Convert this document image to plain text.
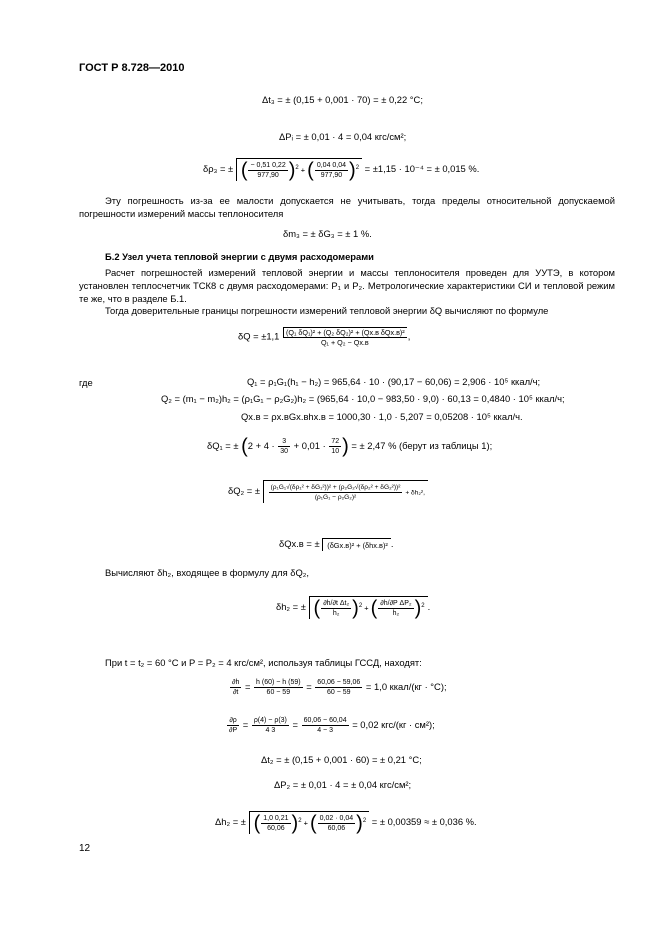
ГОСТ Р 8.728—2010
Δt₃ = ± (0,15 + 0,001 · 70) = ± 0,22 °С;
ΔPᵢ = ± 0,01 · 4 = 0,04 кгс/см²;
δρ₃ = ± ( $\frac{- 0,51 0,22}{977,90} )^2$ + ( $\frac{0,04 0,04}{977,90} )^2 = \pm 1,15 \cdot 10^{-4}$ = ± 0,015 %.
Эту погрешность из-за ее малости допускается не учитывать, тогда пределы относительной допускаемой погрешности измерений массы теплоносителя
δm₃ = ± δG₃ = ± 1 %.
Б.2 Узел учета тепловой энергии с двумя расходомерами
Расчет погрешностей измерений тепловой энергии и массы теплоносителя проведен для УУТЭ, в котором установлен теплосчетчик ТСК8 с двумя расходомерами: P₁ и P₂. Метрологические характеристики СИ и тепловой режим те же, что в разделе Б.1.
Тогда доверительные границы погрешности измерений тепловой энергии δQ вычисляют по формуле
δQ = ±1,1 (Q₁ δQ₁)² + (Q₂ δQ₂)² + (Qх.в δQх.в)²
Q₁ + Q₂ − Qх.в
,
где	Q₁ = ρ₁G₁(h₁ − h₂) = 965,64 · 10 · (90,17 − 60,06) = 2,906 · 10⁵ ккал/ч;
Q₂ = (m₁ − m₂)h₂ = (ρ₁G₁ − ρ₂G₂)h₂ = (965,64 · 10,0 − 983,50 · 9,0) · 60,13 = 0,4840 · 10⁵ ккал/ч;
Qх.в = ρх.вGх.вhх.в = 1000,30 · 1,0 · 5,207 = 0,05208 · 10⁵ ккал/ч.
δQ₁ = ± ($2 + 4 \cdot \frac{3}{30} + 0,01 \cdot \frac{72}{10}$ ) = ± 2,47 % (берут из таблицы 1);
δQ₂ = ± $\frac{\text{(ρ₁G₁√(δρ₁² + δG₁²))² + (ρ₂G₂√(δρ₂² + δG₂²))²}}{\text{(ρ₁G₁ − ρ₂G₂)²}} + \delta h_2^2$,
δQх.в = ± (δGх.в)² + (δhх.в)² .
Вычисляют δh₂, входящее в формулу для δQ₂,
δh₂ = ± ( $\frac{\text{∂h/∂t Δt₂}}{\text{h₂}} )^2$ + ( $\frac{\text{∂h/∂P ΔP₂}}{\text{h₂}} )^2$ .
При t = t₂ = 60 °С и P = P₂ = 4 кгс/см², используя таблицы ГССД, находят:
$\frac{\partial h}{\partial t} = \frac{h (60) - h (59)}{60 - 59} = \frac{60,06 - 59,06}{60 - 59} = 1,0$ ккал/(кг · °С);
$\frac{\partial\rho}{\partial P} = \frac{\rho(4) - \rho(3)}{4 3} = \frac{60,06 - 60,04}{4 - 3} = 0,02$ кгс/(кг · см²);
Δt₂ = ± (0,15 + 0,001 · 60) = ± 0,21 °С;
ΔP₂ = ± 0,01 · 4 = ± 0,04 кгс/см²;
Δh₂ = ± ( $\frac{1,0 0,21}{60,06} )^2$ + ( $\frac{0,02 \cdot 0,04}{60,06} )^2$ = ± 0,00359 ≈ ± 0,036 %.
12
